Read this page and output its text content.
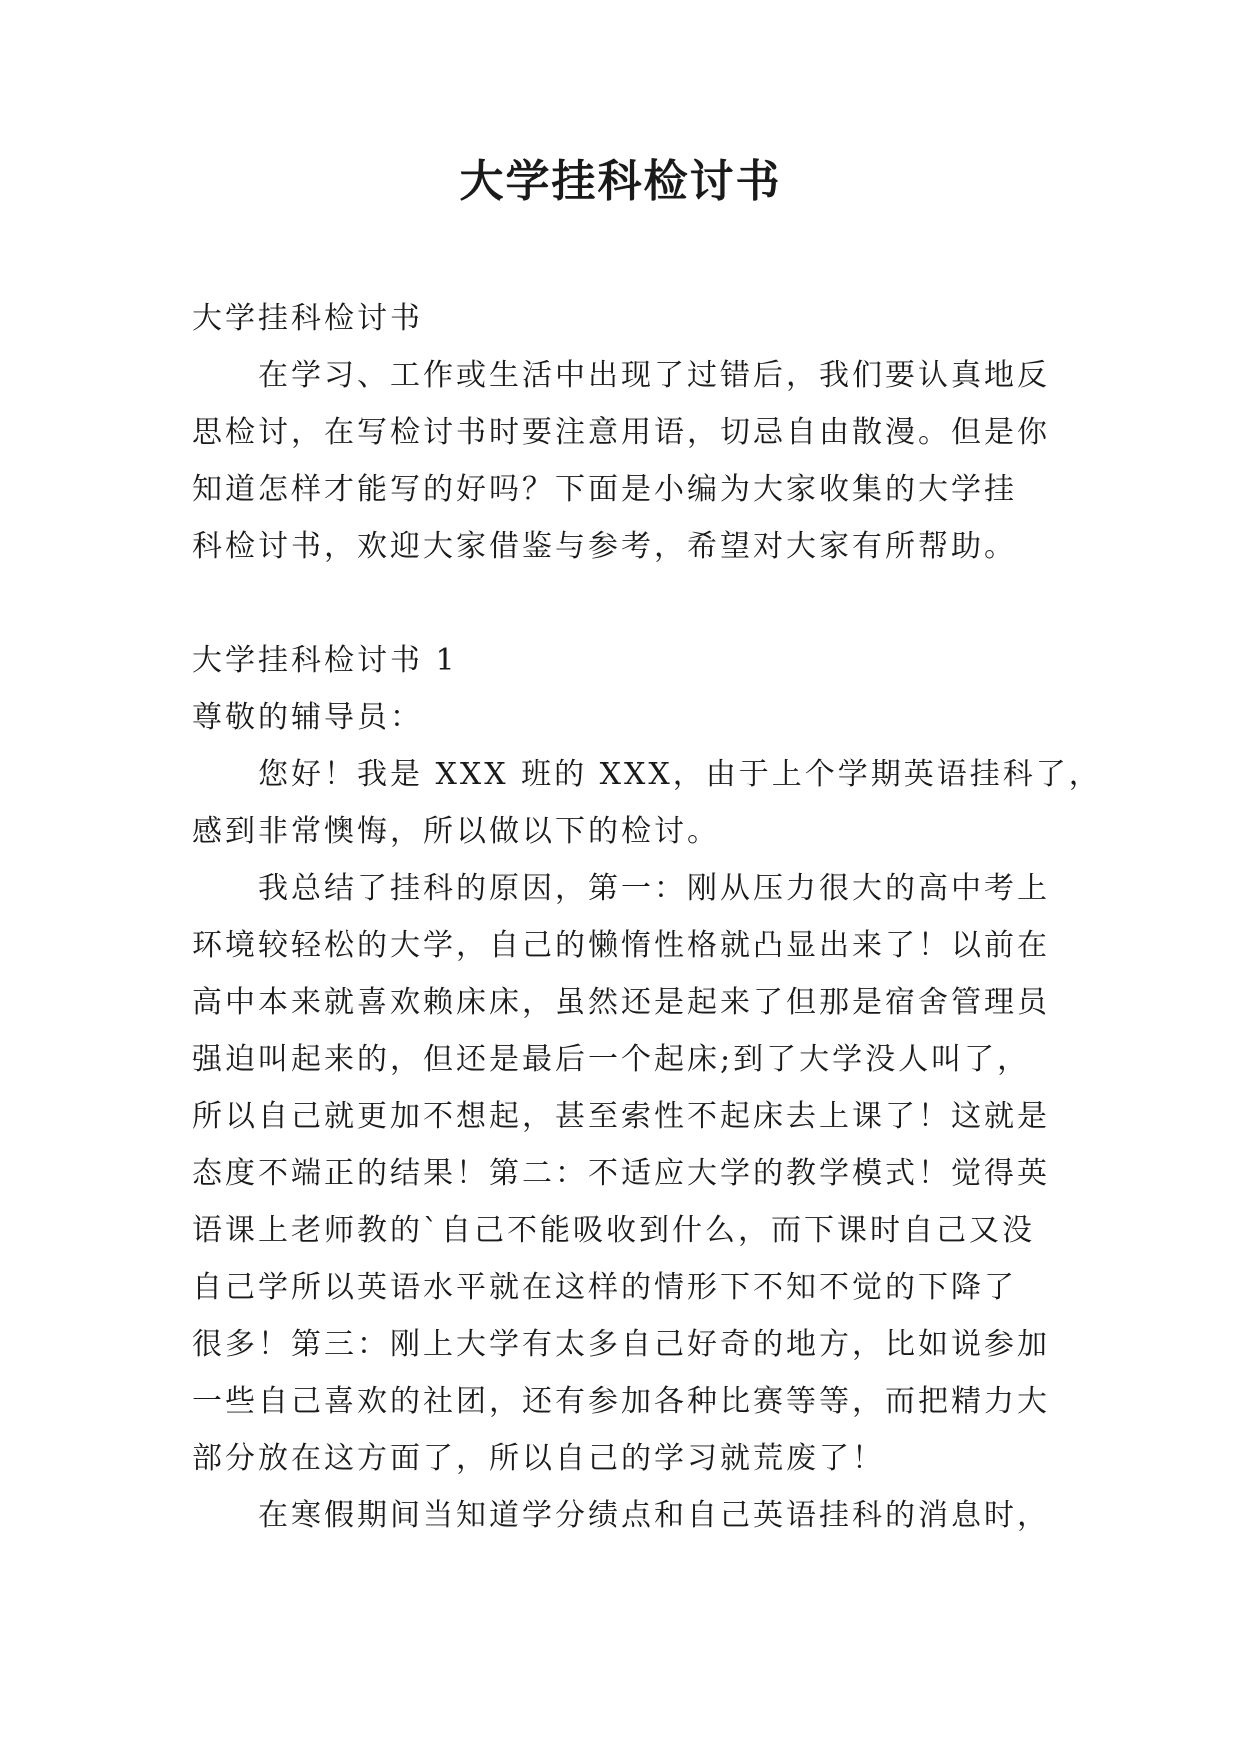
大学挂科检讨书
大学挂科检讨书
在学习、工作或生活中出现了过错后，我们要认真地反
思检讨，在写检讨书时要注意用语，切忌自由散漫。但是你
知道怎样才能写的好吗？下面是小编为大家收集的大学挂
科检讨书，欢迎大家借鉴与参考，希望对大家有所帮助。
大学挂科检讨书 1
尊敬的辅导员：
您好！我是 XXX 班的 XXX，由于上个学期英语挂科了，
感到非常懊悔，所以做以下的检讨。
我总结了挂科的原因，第一：刚从压力很大的高中考上
环境较轻松的大学，自己的懒惰性格就凸显出来了！以前在
高中本来就喜欢赖床床，虽然还是起来了但那是宿舍管理员
强迫叫起来的，但还是最后一个起床;到了大学没人叫了，
所以自己就更加不想起，甚至索性不起床去上课了！这就是
态度不端正的结果！第二：不适应大学的教学模式！觉得英
语课上老师教的`自己不能吸收到什么，而下课时自己又没
自己学所以英语水平就在这样的情形下不知不觉的下降了
很多！第三：刚上大学有太多自己好奇的地方，比如说参加
一些自己喜欢的社团，还有参加各种比赛等等，而把精力大
部分放在这方面了，所以自己的学习就荒废了！
在寒假期间当知道学分绩点和自己英语挂科的消息时，
